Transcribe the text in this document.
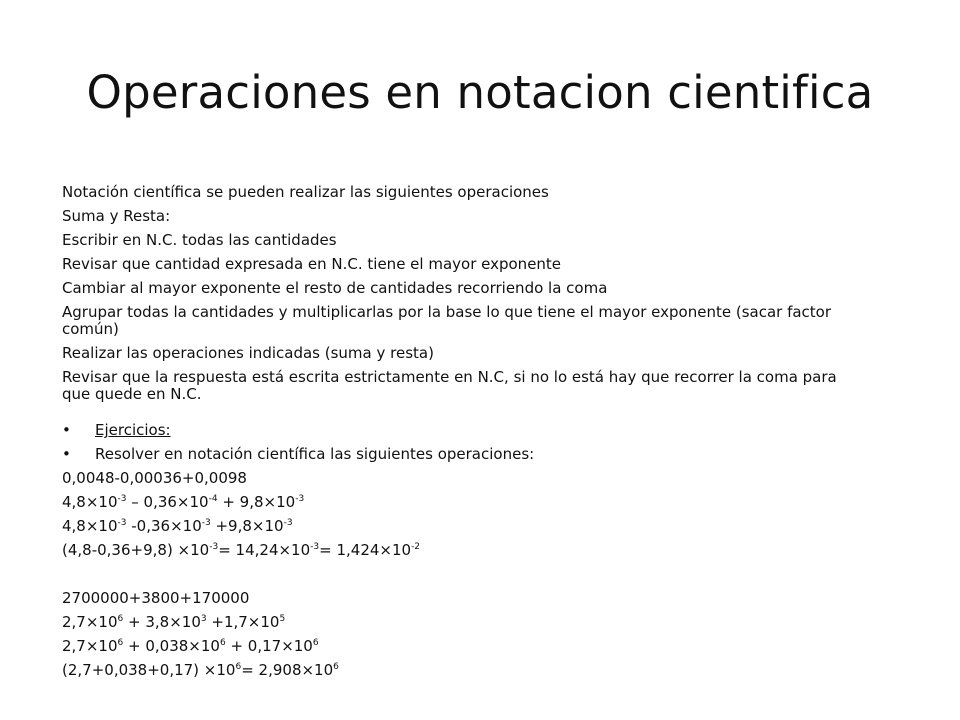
Operaciones en notacion cientifica
Notación científica se pueden realizar las siguientes operaciones
Suma y Resta:
Escribir en N.C. todas las cantidades
Revisar que cantidad expresada en N.C. tiene el mayor exponente
Cambiar al mayor exponente el resto de cantidades recorriendo la coma
Agrupar todas la cantidades y multiplicarlas por la base lo que tiene el mayor exponente (sacar factor común)
Realizar las operaciones indicadas (suma y resta)
Revisar que la respuesta está escrita estrictamente en N.C, si no lo está hay que recorrer la coma para que quede en N.C.
• Ejercicios:
• Resolver en notación científica las siguientes operaciones:
0,0048-0,00036+0,0098
$4,8\times 10^{-3} - 0,36\times 10^{-4} + 9,8\times 10^{-3}$
$4,8\times 10^{-3}$ $-0,36\times 10^{-3} +9,8\times 10^{-3}$
$(4,8-0,36+9,8) \times 10^{-3}= 14,24\times 10^{-3}= 1,424\times 10^{-2}$
2700000+3800+170000
$2,7\times 10^6 + 3,8\times 10^3 +1,7\times 10^5$
$2,7\times 10^6 + 0,038\times 10^6 + 0,17\times 10^6$
$(2,7+0,038+0,17) \times 10^6= 2,908\times 10^6$
